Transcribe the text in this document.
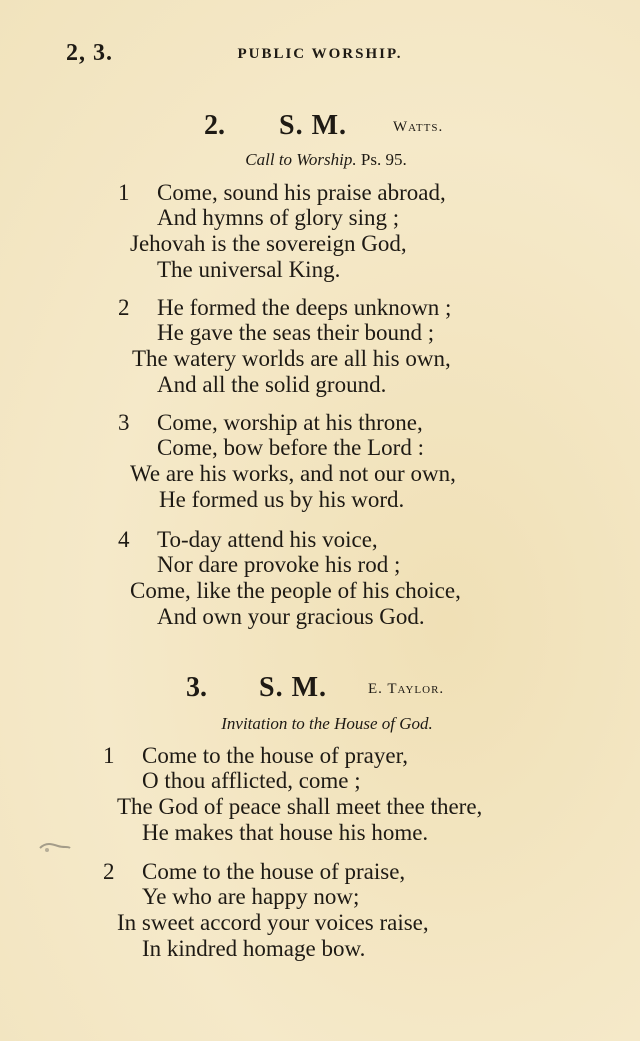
2, 3.	PUBLIC WORSHIP.
2. S. M.	Watts.
Call to Worship. Ps. 95.
1 Come, sound his praise abroad,
And hymns of glory sing ;
Jehovah is the sovereign God,
The universal King.
2 He formed the deeps unknown ;
He gave the seas their bound ;
The watery worlds are all his own,
And all the solid ground.
3 Come, worship at his throne,
Come, bow before the Lord :
We are his works, and not our own,
He formed us by his word.
4 To-day attend his voice,
Nor dare provoke his rod ;
Come, like the people of his choice,
And own your gracious God.
3. S. M.	E. Taylor.
Invitation to the House of God.
1 Come to the house of prayer,
O thou afflicted, come ;
The God of peace shall meet thee there,
He makes that house his home.
2 Come to the house of praise,
Ye who are happy now;
In sweet accord your voices raise,
In kindred homage bow.
